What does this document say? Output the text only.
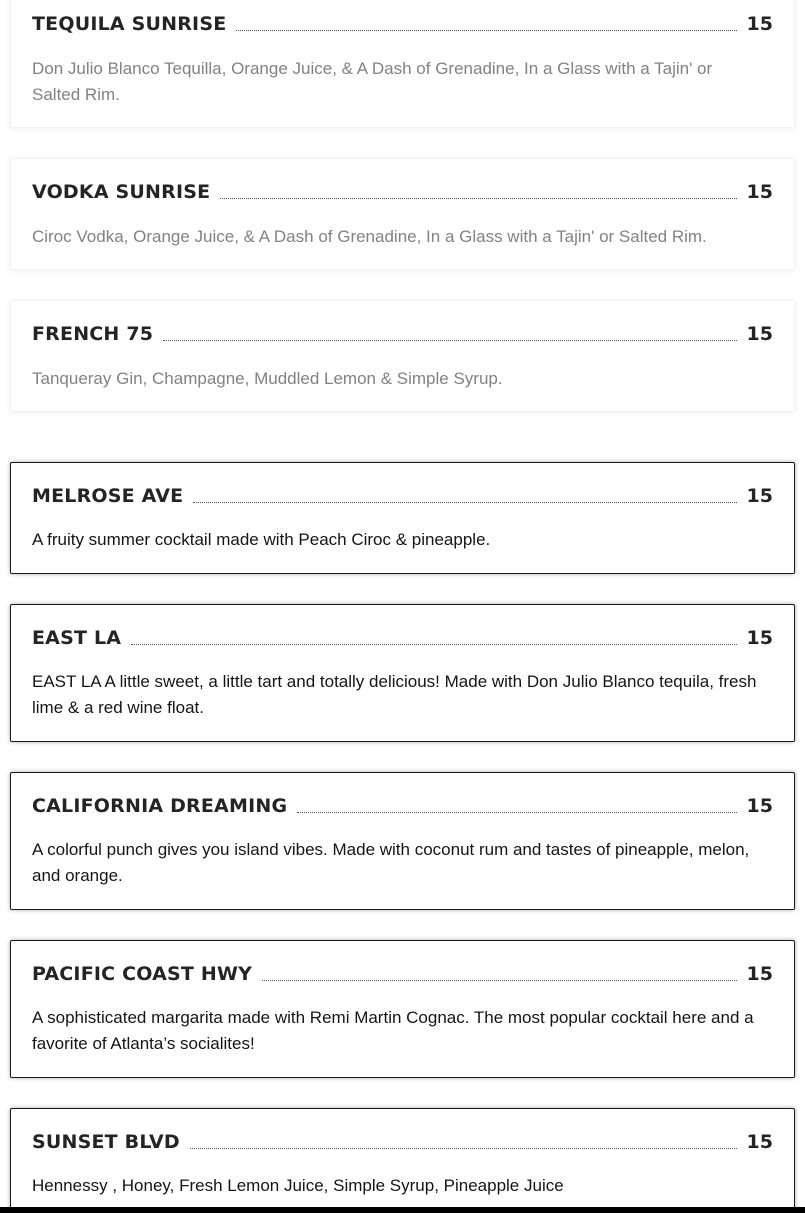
TEQUILA SUNRISE	15

Don Julio Blanco Tequilla, Orange Juice, & A Dash of Grenadine, In a Glass with a Tajin' or Salted Rim.

VODKA SUNRISE	15

Ciroc Vodka, Orange Juice, & A Dash of Grenadine, In a Glass with a Tajin' or Salted Rim.

FRENCH 75	15

Tanqueray Gin, Champagne, Muddled Lemon & Simple Syrup.

MELROSE AVE	15

A fruity summer cocktail made with Peach Ciroc & pineapple.

EAST LA	15

EAST LA A little sweet, a little tart and totally delicious! Made with Don Julio Blanco tequila, fresh lime & a red wine float.

CALIFORNIA DREAMING	15

A colorful punch gives you island vibes. Made with coconut rum and tastes of pineapple, melon, and orange.

PACIFIC COAST HWY	15

A sophisticated margarita made with Remi Martin Cognac. The most popular cocktail here and a favorite of Atlanta’s socialites!

SUNSET BLVD	15

Hennessy , Honey, Fresh Lemon Juice, Simple Syrup, Pineapple Juice
